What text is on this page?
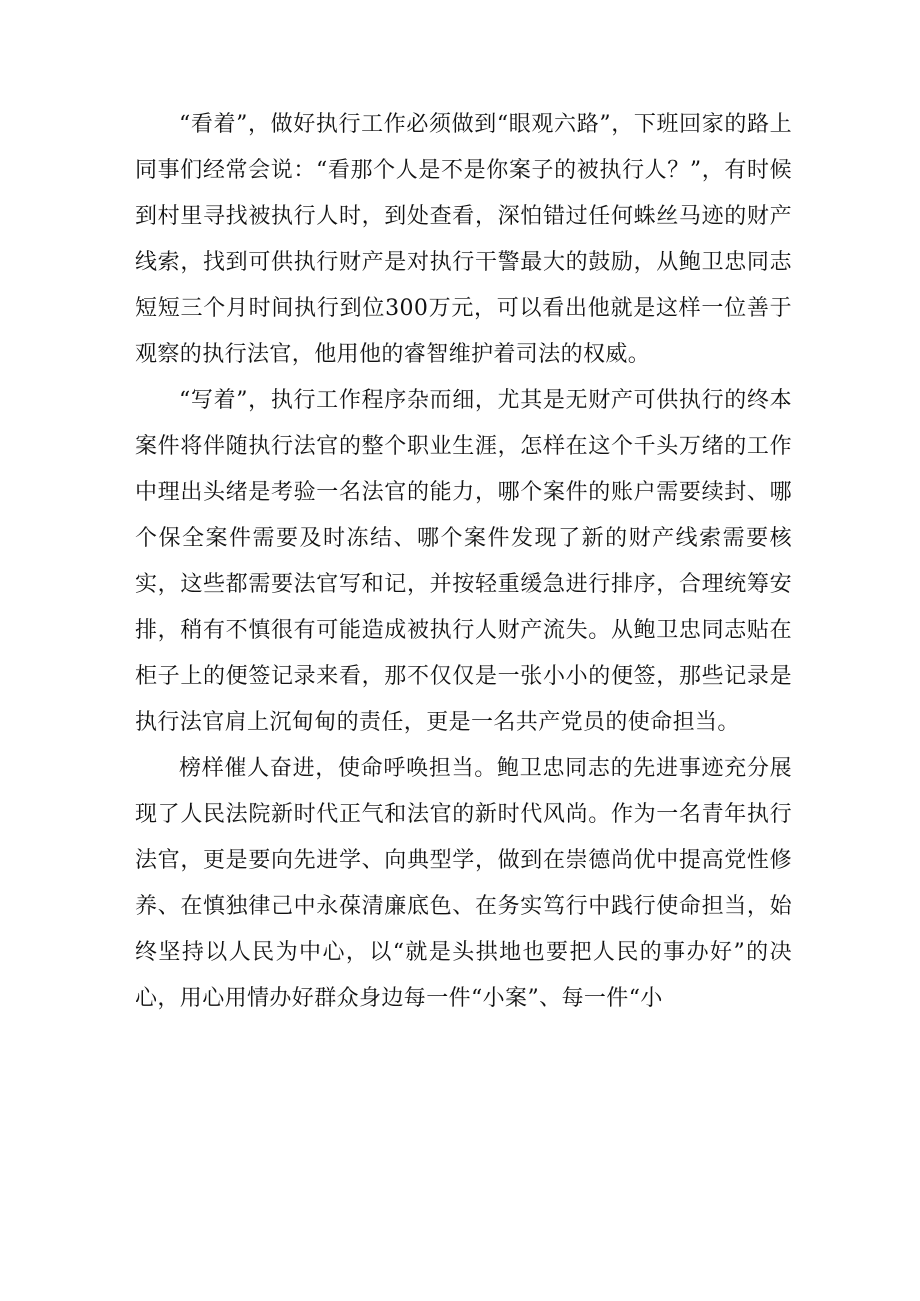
“看着”，做好执行工作必须做到“眼观六路”，下班回家的路上同事们经常会说：“看那个人是不是你案子的被执行人？”，有时候到村里寻找被执行人时，到处查看，深怕错过任何蛛丝马迹的财产线索，找到可供执行财产是对执行干警最大的鼓励，从鲍卫忠同志短短三个月时间执行到位300万元，可以看出他就是这样一位善于观察的执行法官，他用他的睿智维护着司法的权威。

“写着”，执行工作程序杂而细，尤其是无财产可供执行的终本案件将伴随执行法官的整个职业生涯，怎样在这个千头万绪的工作中理出头绪是考验一名法官的能力，哪个案件的账户需要续封、哪个保全案件需要及时冻结、哪个案件发现了新的财产线索需要核实，这些都需要法官写和记，并按轻重缓急进行排序，合理统筹安排，稍有不慎很有可能造成被执行人财产流失。从鲍卫忠同志贴在柜子上的便签记录来看，那不仅仅是一张小小的便签，那些记录是执行法官肩上沉甸甸的责任，更是一名共产党员的使命担当。

榜样催人奋进，使命呼唤担当。鲍卫忠同志的先进事迹充分展现了人民法院新时代正气和法官的新时代风尚。作为一名青年执行法官，更是要向先进学、向典型学，做到在崇德尚优中提高党性修养、在慎独律己中永葆清廉底色、在务实笃行中践行使命担当，始终坚持以人民为中心，以“就是头拱地也要把人民的事办好”的决心，用心用情办好群众身边每一件“小案”、每一件“小
